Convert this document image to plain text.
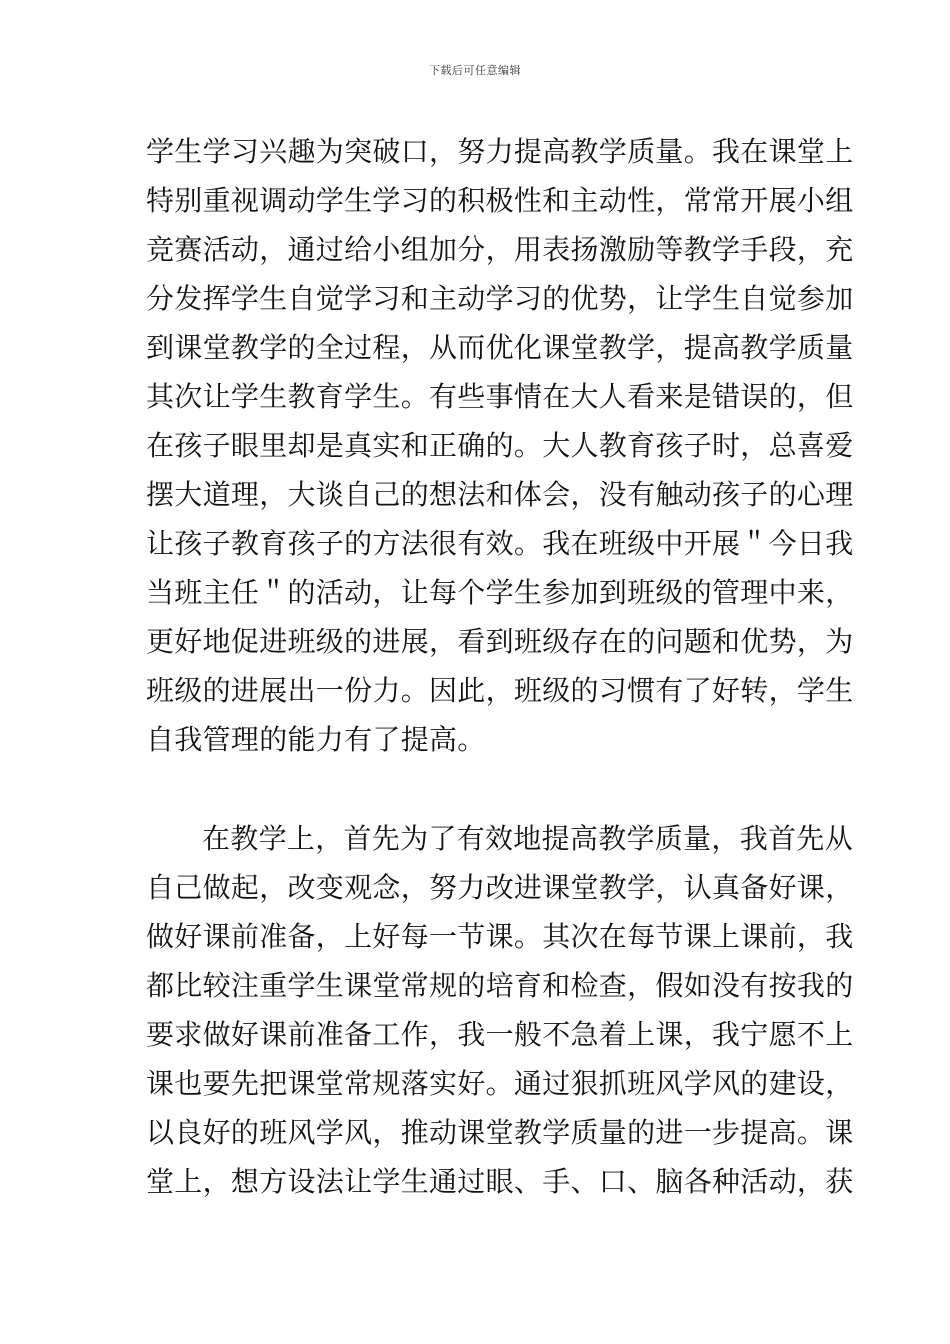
下载后可任意编辑
学生学习兴趣为突破口，努力提高教学质量。我在课堂上
特别重视调动学生学习的积极性和主动性，常常开展小组
竞赛活动，通过给小组加分，用表扬激励等教学手段，充
分发挥学生自觉学习和主动学习的优势，让学生自觉参加
到课堂教学的全过程，从而优化课堂教学，提高教学质量
其次让学生教育学生。有些事情在大人看来是错误的，但
在孩子眼里却是真实和正确的。大人教育孩子时，总喜爱
摆大道理，大谈自己的想法和体会，没有触动孩子的心理
让孩子教育孩子的方法很有效。我在班级中开展＂今日我
当班主任＂的活动，让每个学生参加到班级的管理中来，
更好地促进班级的进展，看到班级存在的问题和优势，为
班级的进展出一份力。因此，班级的习惯有了好转，学生
自我管理的能力有了提高。
在教学上，首先为了有效地提高教学质量，我首先从
自己做起，改变观念，努力改进课堂教学，认真备好课，
做好课前准备，上好每一节课。其次在每节课上课前，我
都比较注重学生课堂常规的培育和检查，假如没有按我的
要求做好课前准备工作，我一般不急着上课，我宁愿不上
课也要先把课堂常规落实好。通过狠抓班风学风的建设，
以良好的班风学风，推动课堂教学质量的进一步提高。课
堂上，想方设法让学生通过眼、手、口、脑各种活动，获
